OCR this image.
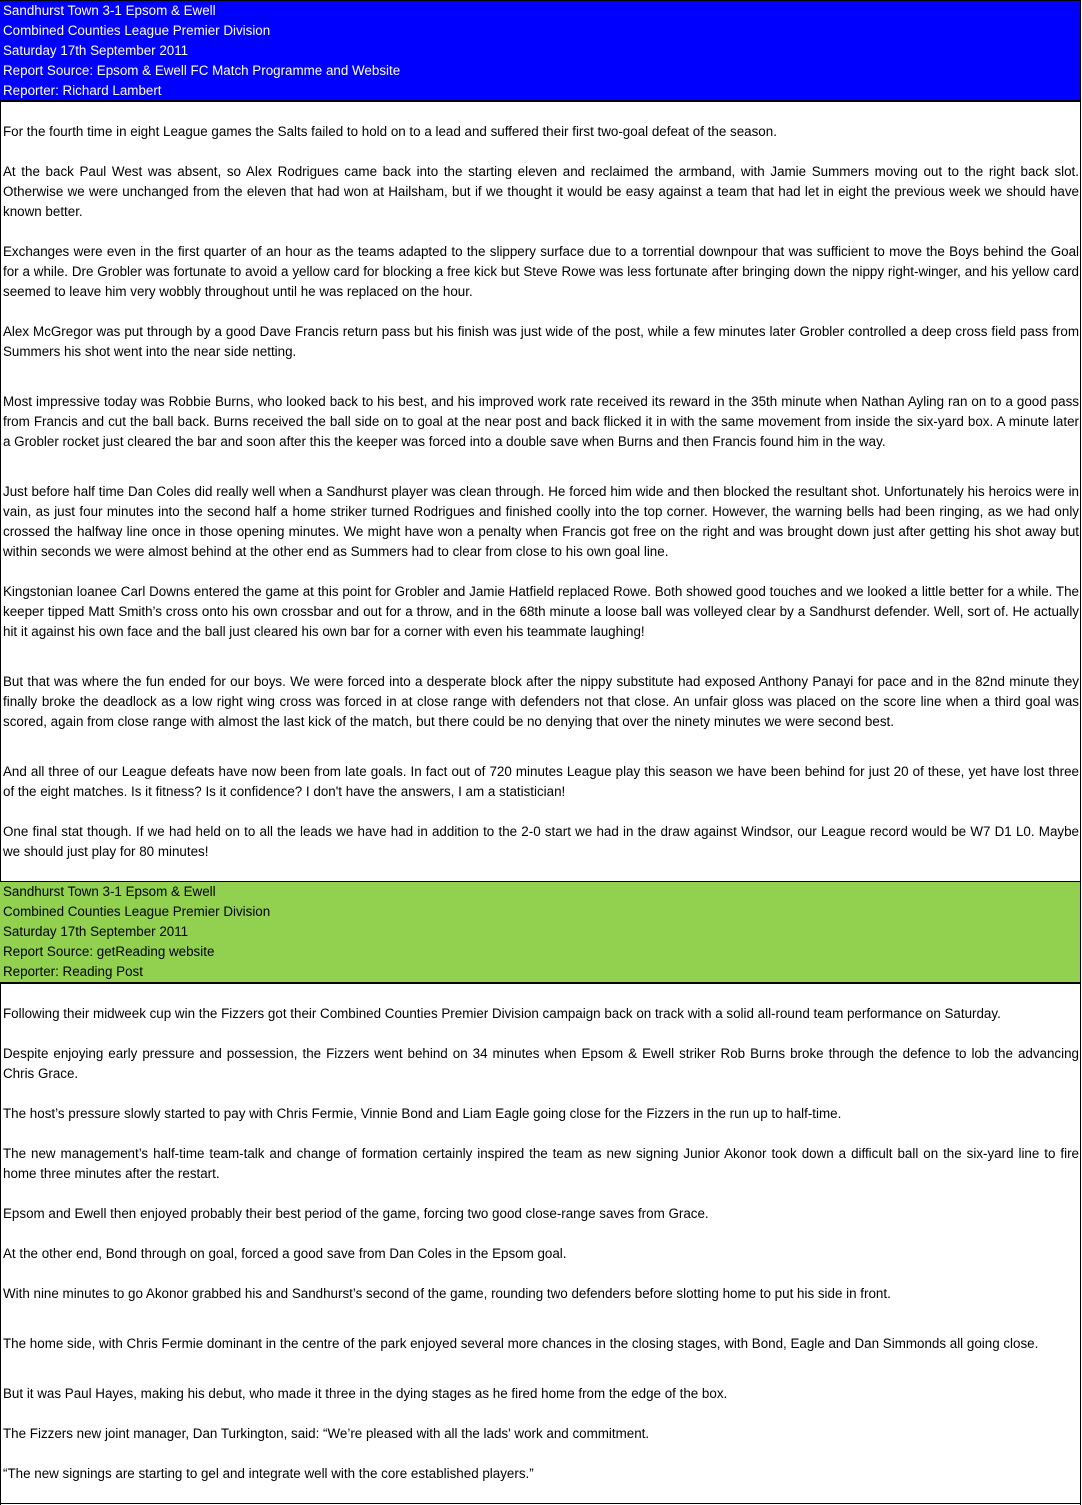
Sandhurst Town 3-1 Epsom & Ewell
Combined Counties League Premier Division
Saturday 17th September 2011
Report Source: Epsom & Ewell FC Match Programme and Website
Reporter: Richard Lambert

For the fourth time in eight League games the Salts failed to hold on to a lead and suffered their first two-goal defeat of the season.

At the back Paul West was absent, so Alex Rodrigues came back into the starting eleven and reclaimed the armband, with Jamie Summers moving out to the right back slot. Otherwise we were unchanged from the eleven that had won at Hailsham, but if we thought it would be easy against a team that had let in eight the previous week we should have known better.

Exchanges were even in the first quarter of an hour as the teams adapted to the slippery surface due to a torrential downpour that was sufficient to move the Boys behind the Goal for a while. Dre Grobler was fortunate to avoid a yellow card for blocking a free kick but Steve Rowe was less fortunate after bringing down the nippy right-winger, and his yellow card seemed to leave him very wobbly throughout until he was replaced on the hour.

Alex McGregor was put through by a good Dave Francis return pass but his finish was just wide of the post, while a few minutes later Grobler controlled a deep cross field pass from Summers his shot went into the near side netting.

Most impressive today was Robbie Burns, who looked back to his best, and his improved work rate received its reward in the 35th minute when Nathan Ayling ran on to a good pass from Francis and cut the ball back. Burns received the ball side on to goal at the near post and back flicked it in with the same movement from inside the six-yard box. A minute later a Grobler rocket just cleared the bar and soon after this the keeper was forced into a double save when Burns and then Francis found him in the way.

Just before half time Dan Coles did really well when a Sandhurst player was clean through. He forced him wide and then blocked the resultant shot. Unfortunately his heroics were in vain, as just four minutes into the second half a home striker turned Rodrigues and finished coolly into the top corner. However, the warning bells had been ringing, as we had only crossed the halfway line once in those opening minutes. We might have won a penalty when Francis got free on the right and was brought down just after getting his shot away but within seconds we were almost behind at the other end as Summers had to clear from close to his own goal line.

Kingstonian loanee Carl Downs entered the game at this point for Grobler and Jamie Hatfield replaced Rowe. Both showed good touches and we looked a little better for a while. The keeper tipped Matt Smith’s cross onto his own crossbar and out for a throw, and in the 68th minute a loose ball was volleyed clear by a Sandhurst defender. Well, sort of. He actually hit it against his own face and the ball just cleared his own bar for a corner with even his teammate laughing!

But that was where the fun ended for our boys. We were forced into a desperate block after the nippy substitute had exposed Anthony Panayi for pace and in the 82nd minute they finally broke the deadlock as a low right wing cross was forced in at close range with defenders not that close. An unfair gloss was placed on the score line when a third goal was scored, again from close range with almost the last kick of the match, but there could be no denying that over the ninety minutes we were second best.

And all three of our League defeats have now been from late goals. In fact out of 720 minutes League play this season we have been behind for just 20 of these, yet have lost three of the eight matches. Is it fitness? Is it confidence? I don't have the answers, I am a statistician!

One final stat though. If we had held on to all the leads we have had in addition to the 2-0 start we had in the draw against Windsor, our League record would be W7 D1 L0. Maybe we should just play for 80 minutes!

Sandhurst Town 3-1 Epsom & Ewell
Combined Counties League Premier Division
Saturday 17th September 2011
Report Source: getReading website
Reporter: Reading Post

Following their midweek cup win the Fizzers got their Combined Counties Premier Division campaign back on track with a solid all-round team performance on Saturday.

Despite enjoying early pressure and possession, the Fizzers went behind on 34 minutes when Epsom & Ewell striker Rob Burns broke through the defence to lob the advancing Chris Grace.

The host’s pressure slowly started to pay with Chris Fermie, Vinnie Bond and Liam Eagle going close for the Fizzers in the run up to half-time.

The new management’s half-time team-talk and change of formation certainly inspired the team as new signing Junior Akonor took down a difficult ball on the six-yard line to fire home three minutes after the restart.

Epsom and Ewell then enjoyed probably their best period of the game, forcing two good close-range saves from Grace.

At the other end, Bond through on goal, forced a good save from Dan Coles in the Epsom goal.

With nine minutes to go Akonor grabbed his and Sandhurst’s second of the game, rounding two defenders before slotting home to put his side in front.

The home side, with Chris Fermie dominant in the centre of the park enjoyed several more chances in the closing stages, with Bond, Eagle and Dan Simmonds all going close.

But it was Paul Hayes, making his debut, who made it three in the dying stages as he fired home from the edge of the box.

The Fizzers new joint manager, Dan Turkington, said: “We’re pleased with all the lads' work and commitment.

“The new signings are starting to gel and integrate well with the core established players.”
